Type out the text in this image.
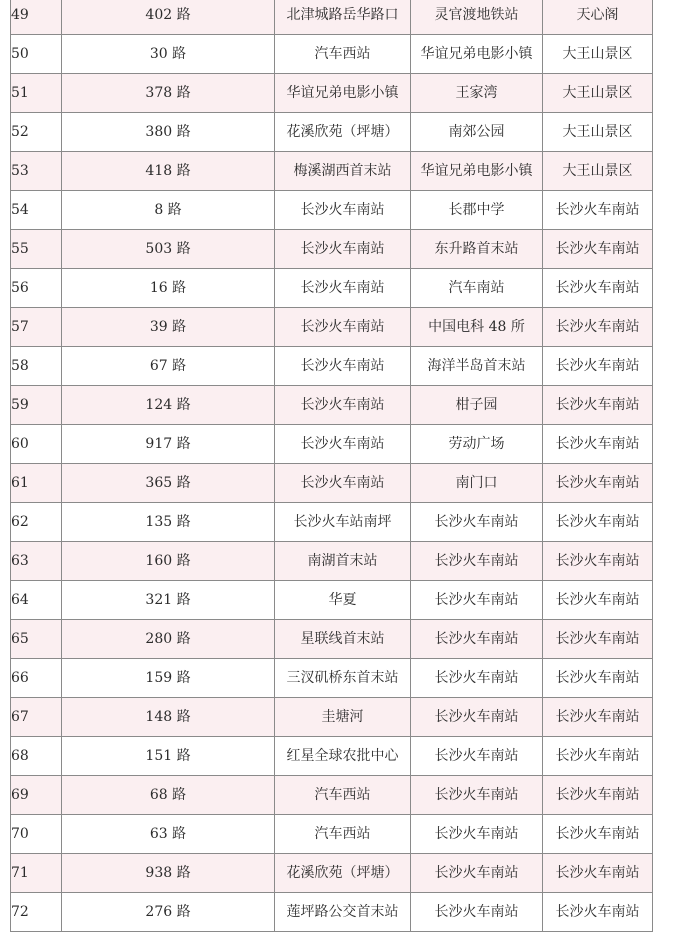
49	402 路	北津城路岳华路口	灵官渡地铁站	天心阁
50	30 路	汽车西站	华谊兄弟电影小镇	大王山景区
51	378 路	华谊兄弟电影小镇	王家湾	大王山景区
52	380 路	花溪欣苑（坪塘）	南郊公园	大王山景区
53	418 路	梅溪湖西首末站	华谊兄弟电影小镇	大王山景区
54	8 路	长沙火车南站	长郡中学	长沙火车南站
55	503 路	长沙火车南站	东升路首末站	长沙火车南站
56	16 路	长沙火车南站	汽车南站	长沙火车南站
57	39 路	长沙火车南站	中国电科 48 所	长沙火车南站
58	67 路	长沙火车南站	海洋半岛首末站	长沙火车南站
59	124 路	长沙火车南站	柑子园	长沙火车南站
60	917 路	长沙火车南站	劳动广场	长沙火车南站
61	365 路	长沙火车南站	南门口	长沙火车南站
62	135 路	长沙火车站南坪	长沙火车南站	长沙火车南站
63	160 路	南湖首末站	长沙火车南站	长沙火车南站
64	321 路	华夏	长沙火车南站	长沙火车南站
65	280 路	星联线首末站	长沙火车南站	长沙火车南站
66	159 路	三汊矶桥东首末站	长沙火车南站	长沙火车南站
67	148 路	圭塘河	长沙火车南站	长沙火车南站
68	151 路	红星全球农批中心	长沙火车南站	长沙火车南站
69	68 路	汽车西站	长沙火车南站	长沙火车南站
70	63 路	汽车西站	长沙火车南站	长沙火车南站
71	938 路	花溪欣苑（坪塘）	长沙火车南站	长沙火车南站
72	276 路	莲坪路公交首末站	长沙火车南站	长沙火车南站
